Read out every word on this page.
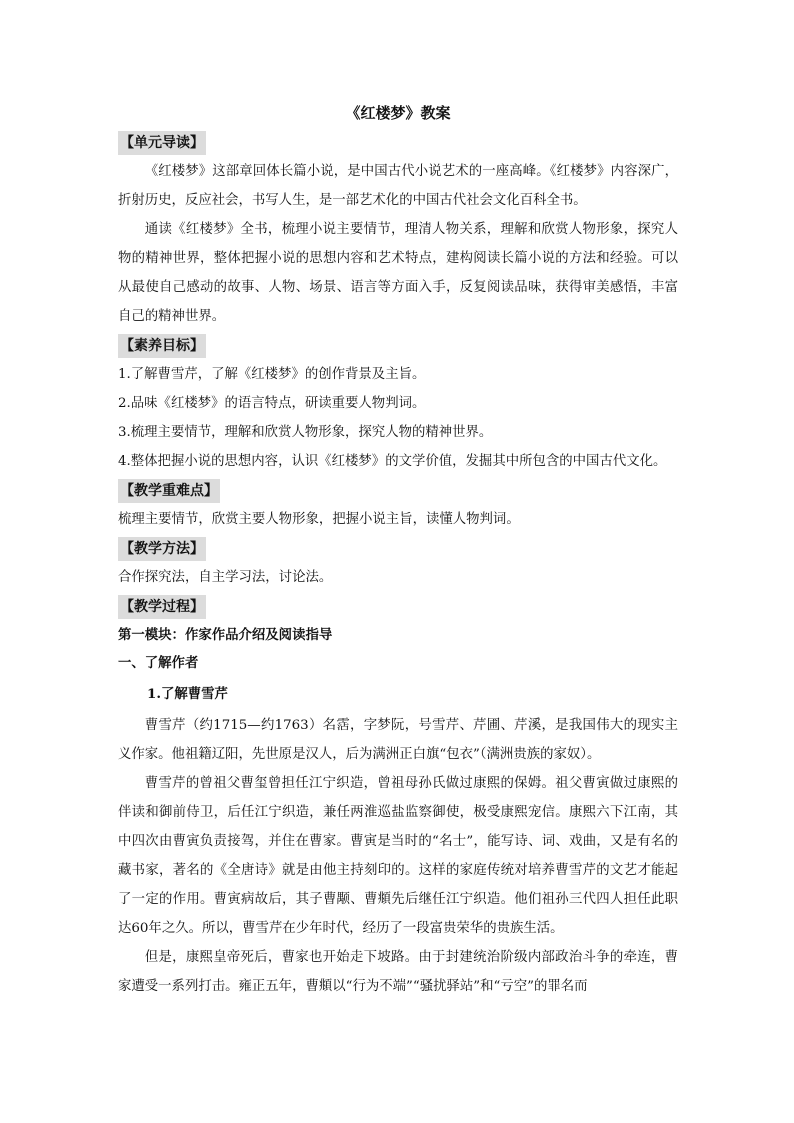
《红楼梦》教案
【单元导读】

《红楼梦》这部章回体长篇小说，是中国古代小说艺术的一座高峰。《红楼梦》内容深广，折射历史，反应社会，书写人生，是一部艺术化的中国古代社会文化百科全书。

通读《红楼梦》全书，梳理小说主要情节，理清人物关系，理解和欣赏人物形象，探究人物的精神世界，整体把握小说的思想内容和艺术特点，建构阅读长篇小说的方法和经验。可以从最使自己感动的故事、人物、场景、语言等方面入手，反复阅读品味，获得审美感悟，丰富自己的精神世界。

【素养目标】

1.了解曹雪芹，了解《红楼梦》的创作背景及主旨。

2.品味《红楼梦》的语言特点，研读重要人物判词。

3.梳理主要情节，理解和欣赏人物形象，探究人物的精神世界。

4.整体把握小说的思想内容，认识《红楼梦》的文学价值，发掘其中所包含的中国古代文化。

【教学重难点】

梳理主要情节，欣赏主要人物形象，把握小说主旨，读懂人物判词。

【教学方法】

合作探究法，自主学习法，讨论法。

【教学过程】

第一模块：作家作品介绍及阅读指导

一、了解作者

1.了解曹雪芹

曹雪芹（约1715—约1763）名霑，字梦阮，号雪芹、芹圃、芹溪，是我国伟大的现实主义作家。他祖籍辽阳，先世原是汉人，后为满洲正白旗“包衣”（满洲贵族的家奴）。

曹雪芹的曾祖父曹玺曾担任江宁织造，曾祖母孙氏做过康熙的保姆。祖父曹寅做过康熙的伴读和御前侍卫，后任江宁织造，兼任两淮巡盐监察御使，极受康熙宠信。康熙六下江南，其中四次由曹寅负责接驾，并住在曹家。曹寅是当时的“名士”，能写诗、词、戏曲，又是有名的藏书家，著名的《全唐诗》就是由他主持刻印的。这样的家庭传统对培养曹雪芹的文艺才能起了一定的作用。曹寅病故后，其子曹颙、曹頫先后继任江宁织造。他们祖孙三代四人担任此职达60年之久。所以，曹雪芹在少年时代，经历了一段富贵荣华的贵族生活。

但是，康熙皇帝死后，曹家也开始走下坡路。由于封建统治阶级内部政治斗争的牵连，曹家遭受一系列打击。雍正五年，曹頫以“行为不端”“骚扰驿站”和“亏空”的罪名而
